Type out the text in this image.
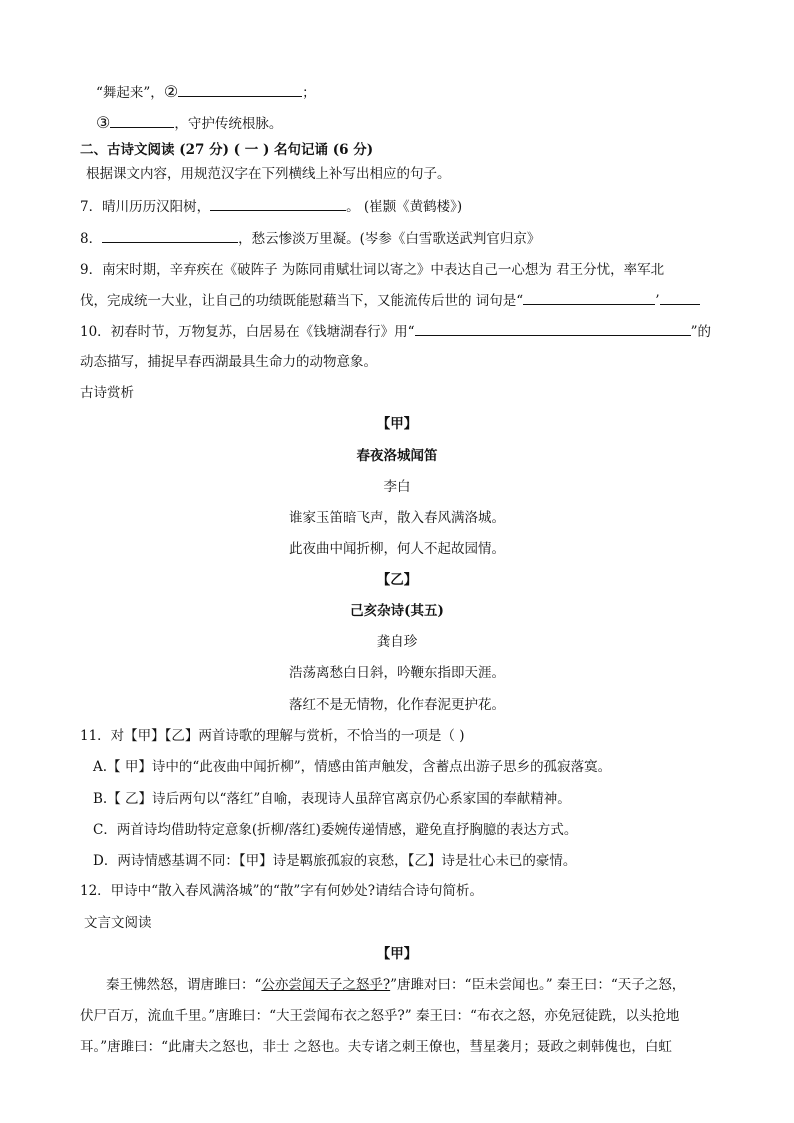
“舞起来”，②	；
③	，守护传统根脉。
二、古诗文阅读 (27 分) ( 一 ) 名句记诵 (6 分)
根据课文内容，用规范汉字在下列横线上补写出相应的句子。
7．晴川历历汉阳树，	。 (崔颢《黄鹤楼》)
8．	，愁云惨淡万里凝。(岑参《白雪歌送武判官归京》
9．南宋时期，辛弃疾在《破阵子 为陈同甫赋壮词以寄之》中表达自己一心想为 君王分忧，率军北
伐，完成统一大业，让自己的功绩既能慰藉当下，又能流传后世的 词句是“	’
10．初春时节，万物复苏，白居易在《钱塘湖春行》用“	”的
动态描写，捕捉早春西湖最具生命力的动物意象。
古诗赏析
【甲】
春夜洛城闻笛
李白
谁家玉笛暗飞声，散入春风满洛城。
此夜曲中闻折柳，何人不起故园情。
【乙】
己亥杂诗(其五)
龚自珍
浩荡离愁白日斜，吟鞭东指即天涯。
落红不是无情物，化作春泥更护花。
11．对【甲】【乙】两首诗歌的理解与赏析，不恰当的一项是（ )
A.【 甲】诗中的“此夜曲中闻折柳”，情感由笛声触发，含蓄点出游子思乡的孤寂落寞。
B.【 乙】诗后两句以“落红”自喻，表现诗人虽辞官离京仍心系家国的奉献精神。
C．两首诗均借助特定意象(折柳/落红)委婉传递情感，避免直抒胸臆的表达方式。
D．两诗情感基调不同：【甲】诗是羁旅孤寂的哀愁，【乙】诗是壮心未已的豪情。
12．甲诗中“散入春风满洛城”的“散”字有何妙处?请结合诗句简析。
文言文阅读
【甲】
秦王怫然怒，谓唐雎曰：“公亦尝闻天子之怒乎?”唐雎对曰：“臣未尝闻也。” 秦王曰：“天子之怒，
伏尸百万，流血千里。”唐雎曰：“大王尝闻布衣之怒乎?” 秦王曰：“布衣之怒，亦免冠徒跣，以头抢地
耳。”唐雎曰：“此庸夫之怒也，非士 之怒也。夫专诸之刺王僚也，彗星袭月；聂政之刺韩傀也，白虹
